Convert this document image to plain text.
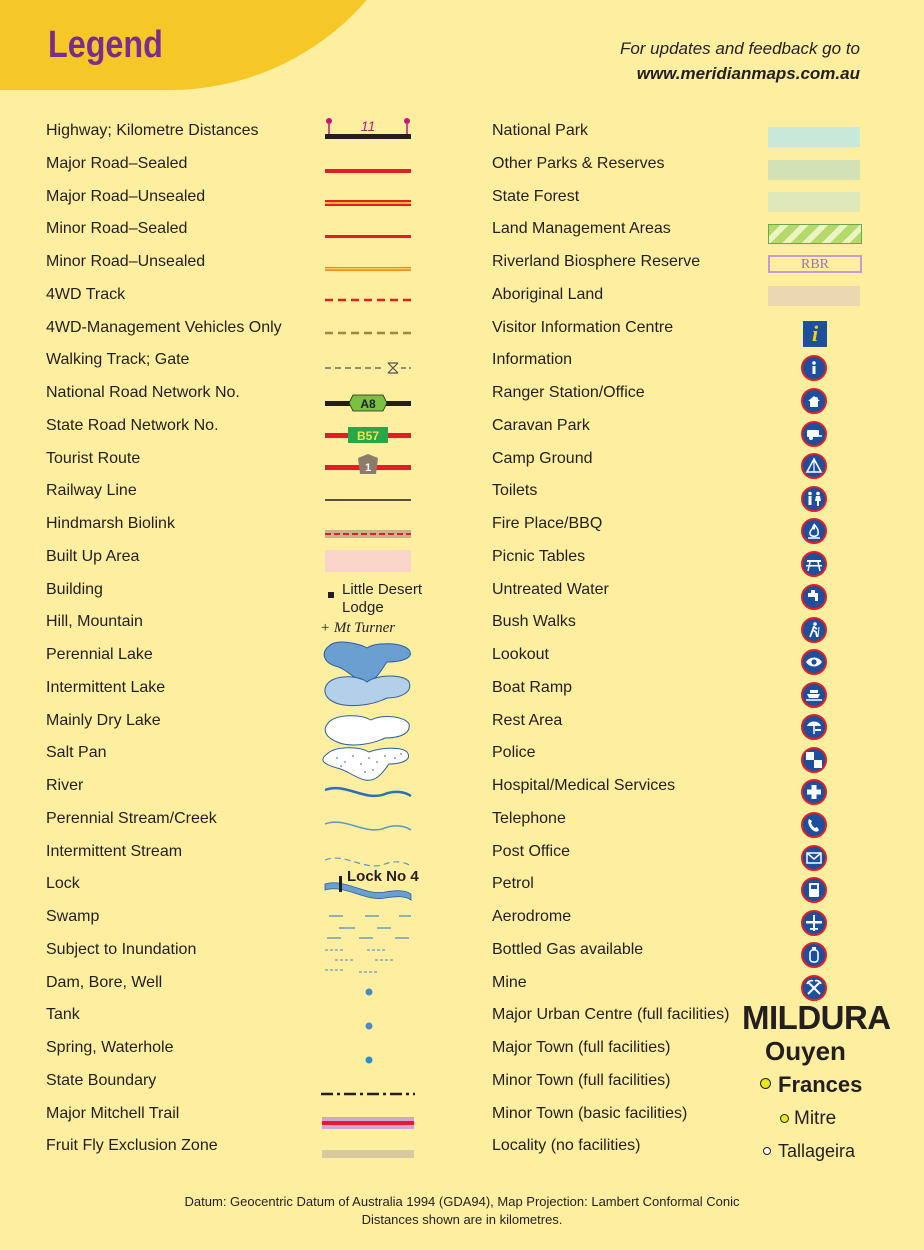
Legend	For updates and feedback go to
www.meridianmaps.com.au
Highway; Kilometre Distances
Major Road–Sealed
Major Road–Unsealed
Minor Road–Sealed
Minor Road–Unsealed
4WD Track
4WD-Management Vehicles Only
Walking Track; Gate
National Road Network No.
State Road Network No.
Tourist Route
Railway Line
Hindmarsh Biolink
Built Up Area
Building
Hill, Mountain
Perennial Lake
Intermittent Lake
Mainly Dry Lake
Salt Pan
River
Perennial Stream/Creek
Intermittent Stream
Lock
Swamp
Subject to Inundation
Dam, Bore, Well
Tank
Spring, Waterhole
State Boundary
Major Mitchell Trail
Fruit Fly Exclusion Zone
National Park
Other Parks & Reserves
State Forest
Land Management Areas
Riverland Biosphere Reserve
Aboriginal Land
Visitor Information Centre
Information
Ranger Station/Office
Caravan Park
Camp Ground
Toilets
Fire Place/BBQ
Picnic Tables
Untreated Water
Bush Walks
Lookout
Boat Ramp
Rest Area
Police
Hospital/Medical Services
Telephone
Post Office
Petrol
Aerodrome
Bottled Gas available
Mine
Major Urban Centre (full facilities)
Major Town (full facilities)
Minor Town (full facilities)
Minor Town (basic facilities)
Locality (no facilities)
11
A8
B57
1
Little Desert
Lodge
+ Mt Turner
Lock No 4
RBR
i
MILDURA
Ouyen
Frances
Mitre
Tallageira
Datum: Geocentric Datum of Australia 1994 (GDA94), Map Projection: Lambert Conformal Conic
Distances shown are in kilometres.
